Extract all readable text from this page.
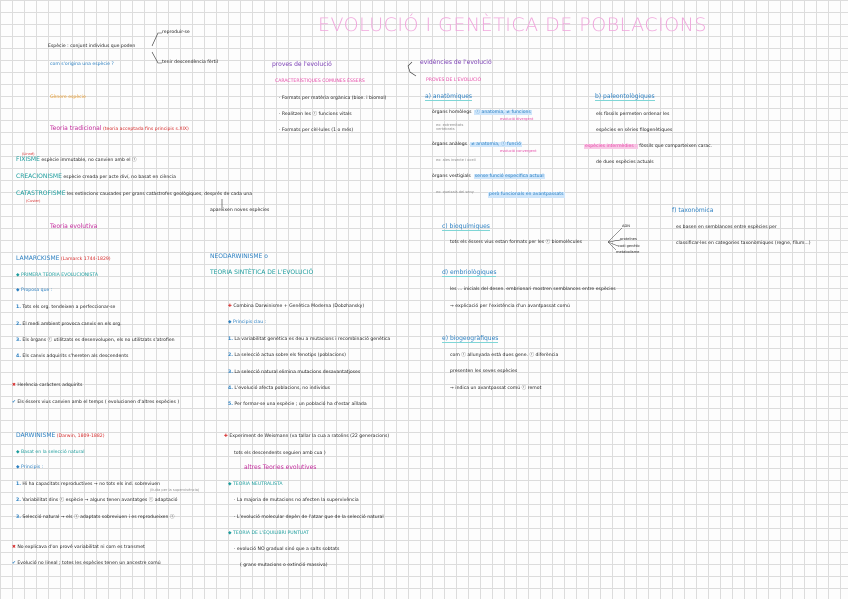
EVOLUCIÓ I GENÈTICA DE POBLACIONS
Espècie : conjunt individus que poden
reproduir-se
tenir descendència fèrtil
com s'origina una espècie ?
Gènere espècie
Teoria tradicional (teoria acceptada fins principis s.XIX)
(Linné)
FIXISME espècie immutable, no canvien amb el ⓣ
CREACIONISME espècie creada per acte diví, no basat en ciència
CATASTROFISME les extincions causades per grans catàstrofes geològiques, després de cada una
(Cuvier)
apareixen noves espècies
Teoria evolutiva
proves de l'evolució
CARACTERÍSTIQUES COMUNES ÉSSERS
· Formats per matèria orgànica (bioe. i biomol)
· Realitzen les ⓣ funcions vitals
· Formats per cèl·lules (1 o més)
evidències de l'evolució
PROVES DE L'EVOLUCIÓ
a) anatòmiques	b) paleontològiques
òrgans homòlegs ⓣ anatomia, ≠ funcions
evolució divergent
ex: extremitats vertebrats
òrgans anàlegs ≠ anatomia, ⓣ funció
evolució convergent
ex: ales insecte i ocell
òrgans vestigials sense funció específica actual
ex: queixals del seny	però funcionals en avantpassats
els fòssils permeten ordenar les
espècies en sèries filogenètiques
espècies intermèdies : fòssils que comparteixen carac.
de dues espècies actuals
f) taxonòmica
es basen en semblances entre espècies per
classificar-les en categories taxonòmiques (regne, fílum...)
c) bioquímiques
tots els éssers vius estan formats per les ⓣ biomolècules
ADN
proteïnes
codi genètic
metabolisme
d) embriològiques
les ... inicials del desen. embrionari mostren semblances entre espècies
→ explicació per l'existència d'un avantpassat comú
e) biogeogràfiques
com ⓣ allunyada està dues gene. ⓣ diferència
presenten les seves espècies
→ indica un avantpassat comú ⓣ remot
LAMARCKISME (Lamarck 1744-1829)
◆ PRIMERA TEORIA EVOLUCIONISTA
◆ Proposa que :
1. Tots els org. tendeixen a perfeccionar-se
2. El medi ambient provoca canvis en els org.
3. Els òrgans ⓣ utilitzats es desenvolupen, els no utilitzats s'atrofien
4. Els canvis adquirits s'hereten als descendents
✖ Herència caràcters adquirits
✔ Els éssers vius canvien amb el temps ( evolucionen d'altres espècies )
NEODARWINISME o
TEORIA SINTÈTICA DE L'EVOLUCIÓ
✚ Combina Darwinisme + Genètica Moderna (Dobzhansky)
◆ Principis clau :
1. La variabilitat genètica es deu a mutacions i recombinació genètica
2. La selecció actua sobre els fenotips (poblacions)
3. La selecció natural elimina mutacions desavantatjoses
4. L'evolució afecta poblacions, no individus
5. Per formar-se una espècie ; un població ha d'estar aïllada
DARWINISME (Darwin, 1809-1882)
◆ Basat en la selecció natural
◆ Principis :
1. Hi ha capacitats reproductives → no tots els ind. sobreviuen
(lluita per la supervivència)
2. Variabilitat dins ⓣ espècie → alguns tenen avantatges ⓣ adaptació
3. Selecció natural → els ⓣ adaptats sobreviuen i es reprodueixen ⓣ
✖ No explicava d'on prové variabilitat ni com es transmet
✔ Evolució no lineal ; totes les espècies tenen un ancestre comú
✚ Experiment de Weismann (va tallar la cua a ratolins (22 generacions)
tots els descendents seguien amb cua )
altres Teories evolutives
◆ TEORIA NEUTRALISTA
· La majoria de mutacions no afecten la supervivència
· L'evolució molecular depèn de l'atzar que de la selecció natural
◆ TEORIA DE L'EQUILIBRI PUNTUAT
· evolució NO gradual sinó que a salts sobtats
( grans mutacions o extinció massiva)
